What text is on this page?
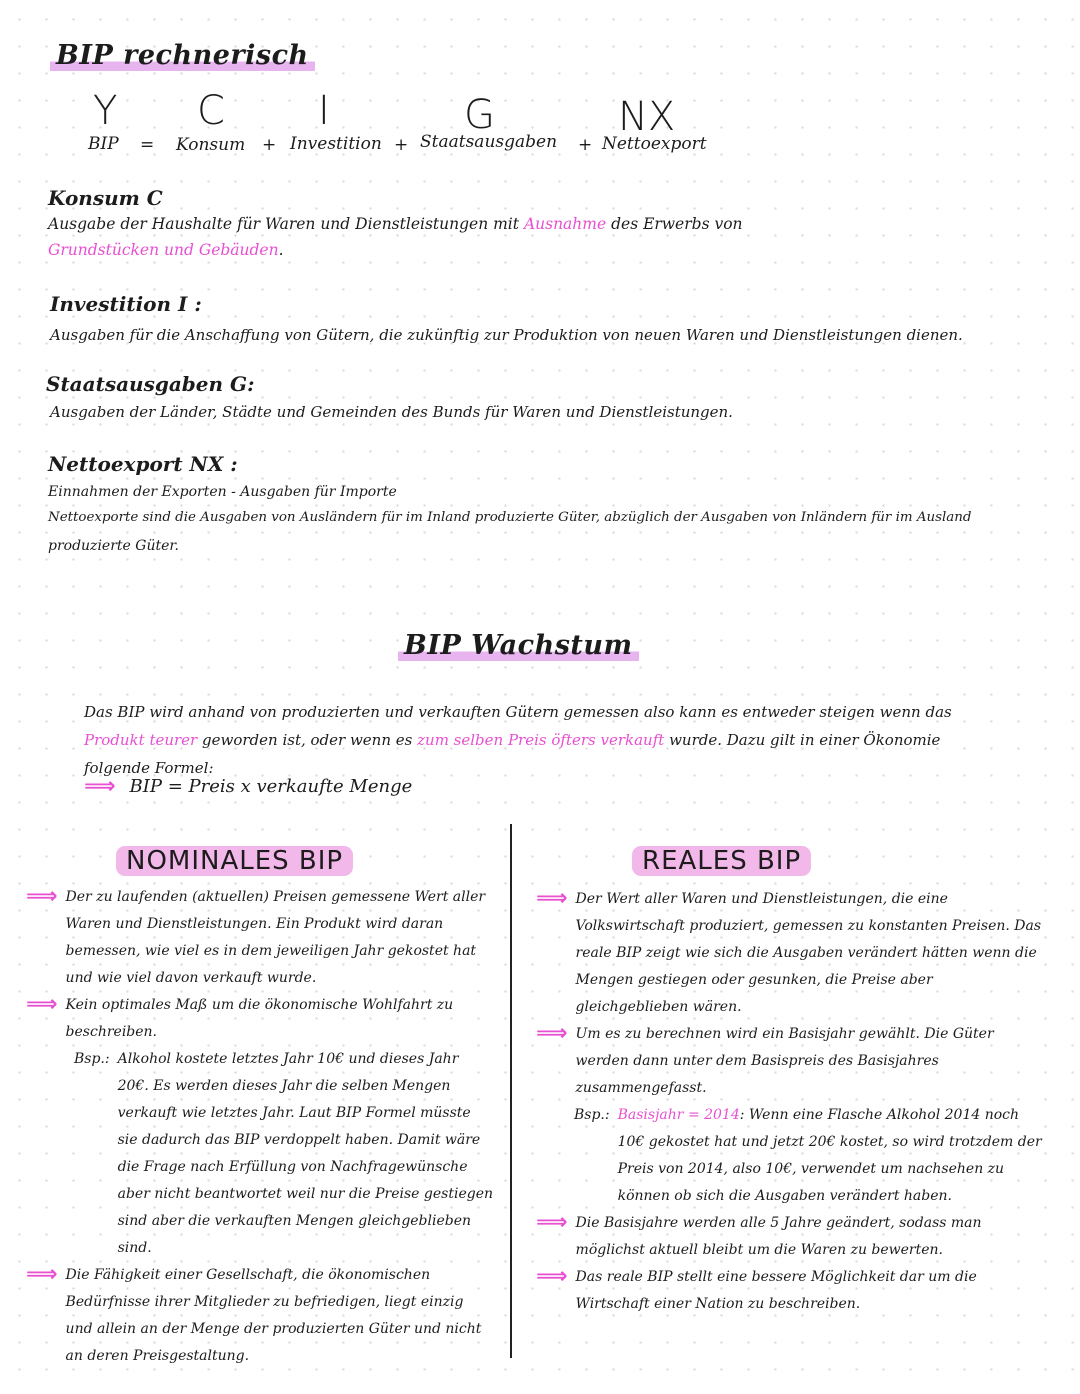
BIP rechnerisch
Y C I	G	NX
BIP = Konsum + Investition + Staatsausgaben + Nettoexport
Konsum C
Ausgabe der Haushalte für Waren und Dienstleistungen mit Ausnahme des Erwerbs von
Grundstücken und Gebäuden.
Investition I :
Ausgaben für die Anschaffung von Gütern, die zukünftig zur Produktion von neuen Waren und Dienstleistungen dienen.
Staatsausgaben G:
Ausgaben der Länder, Städte und Gemeinden des Bunds für Waren und Dienstleistungen.
Nettoexport NX :
Einnahmen der Exporten - Ausgaben für Importe
Nettoexporte sind die Ausgaben von Ausländern für im Inland produzierte Güter, abzüglich der Ausgaben von Inländern für im Ausland
produzierte Güter.
BIP Wachstum
Das BIP wird anhand von produzierten und verkauften Gütern gemessen also kann es entweder steigen wenn das Produkt teurer geworden ist, oder wenn es zum selben Preis öfters verkauft wurde. Dazu gilt in einer Ökonomie folgende Formel:
⟹ BIP = Preis x verkaufte Menge
NOMINALES BIP
⟹ Der zu laufenden (aktuellen) Preisen gemessene Wert aller Waren und Dienstleistungen. Ein Produkt wird daran bemessen, wie viel es in dem jeweiligen Jahr gekostet hat und wie viel davon verkauft wurde.
⟹ Kein optimales Maß um die ökonomische Wohlfahrt zu beschreiben.
Bsp.: Alkohol kostete letztes Jahr 10€ und dieses Jahr 20€. Es werden dieses Jahr die selben Mengen verkauft wie letztes Jahr. Laut BIP Formel müsste sie dadurch das BIP verdoppelt haben. Damit wäre die Frage nach Erfüllung von Nachfragewünsche aber nicht beantwortet weil nur die Preise gestiegen sind aber die verkauften Mengen gleichgeblieben sind.
⟹ Die Fähigkeit einer Gesellschaft, die ökonomischen Bedürfnisse ihrer Mitglieder zu befriedigen, liegt einzig und allein an der Menge der produzierten Güter und nicht an deren Preisgestaltung.
REALES BIP
⟹ Der Wert aller Waren und Dienstleistungen, die eine Volkswirtschaft produziert, gemessen zu konstanten Preisen. Das reale BIP zeigt wie sich die Ausgaben verändert hätten wenn die Mengen gestiegen oder gesunken, die Preise aber gleichgeblieben wären.
⟹ Um es zu berechnen wird ein Basisjahr gewählt. Die Güter werden dann unter dem Basispreis des Basisjahres zusammengefasst.
Bsp.: Basisjahr = 2014: Wenn eine Flasche Alkohol 2014 noch 10€ gekostet hat und jetzt 20€ kostet, so wird trotzdem der Preis von 2014, also 10€, verwendet um nachsehen zu können ob sich die Ausgaben verändert haben.
⟹ Die Basisjahre werden alle 5 Jahre geändert, sodass man möglichst aktuell bleibt um die Waren zu bewerten.
⟹ Das reale BIP stellt eine bessere Möglichkeit dar um die Wirtschaft einer Nation zu beschreiben.
